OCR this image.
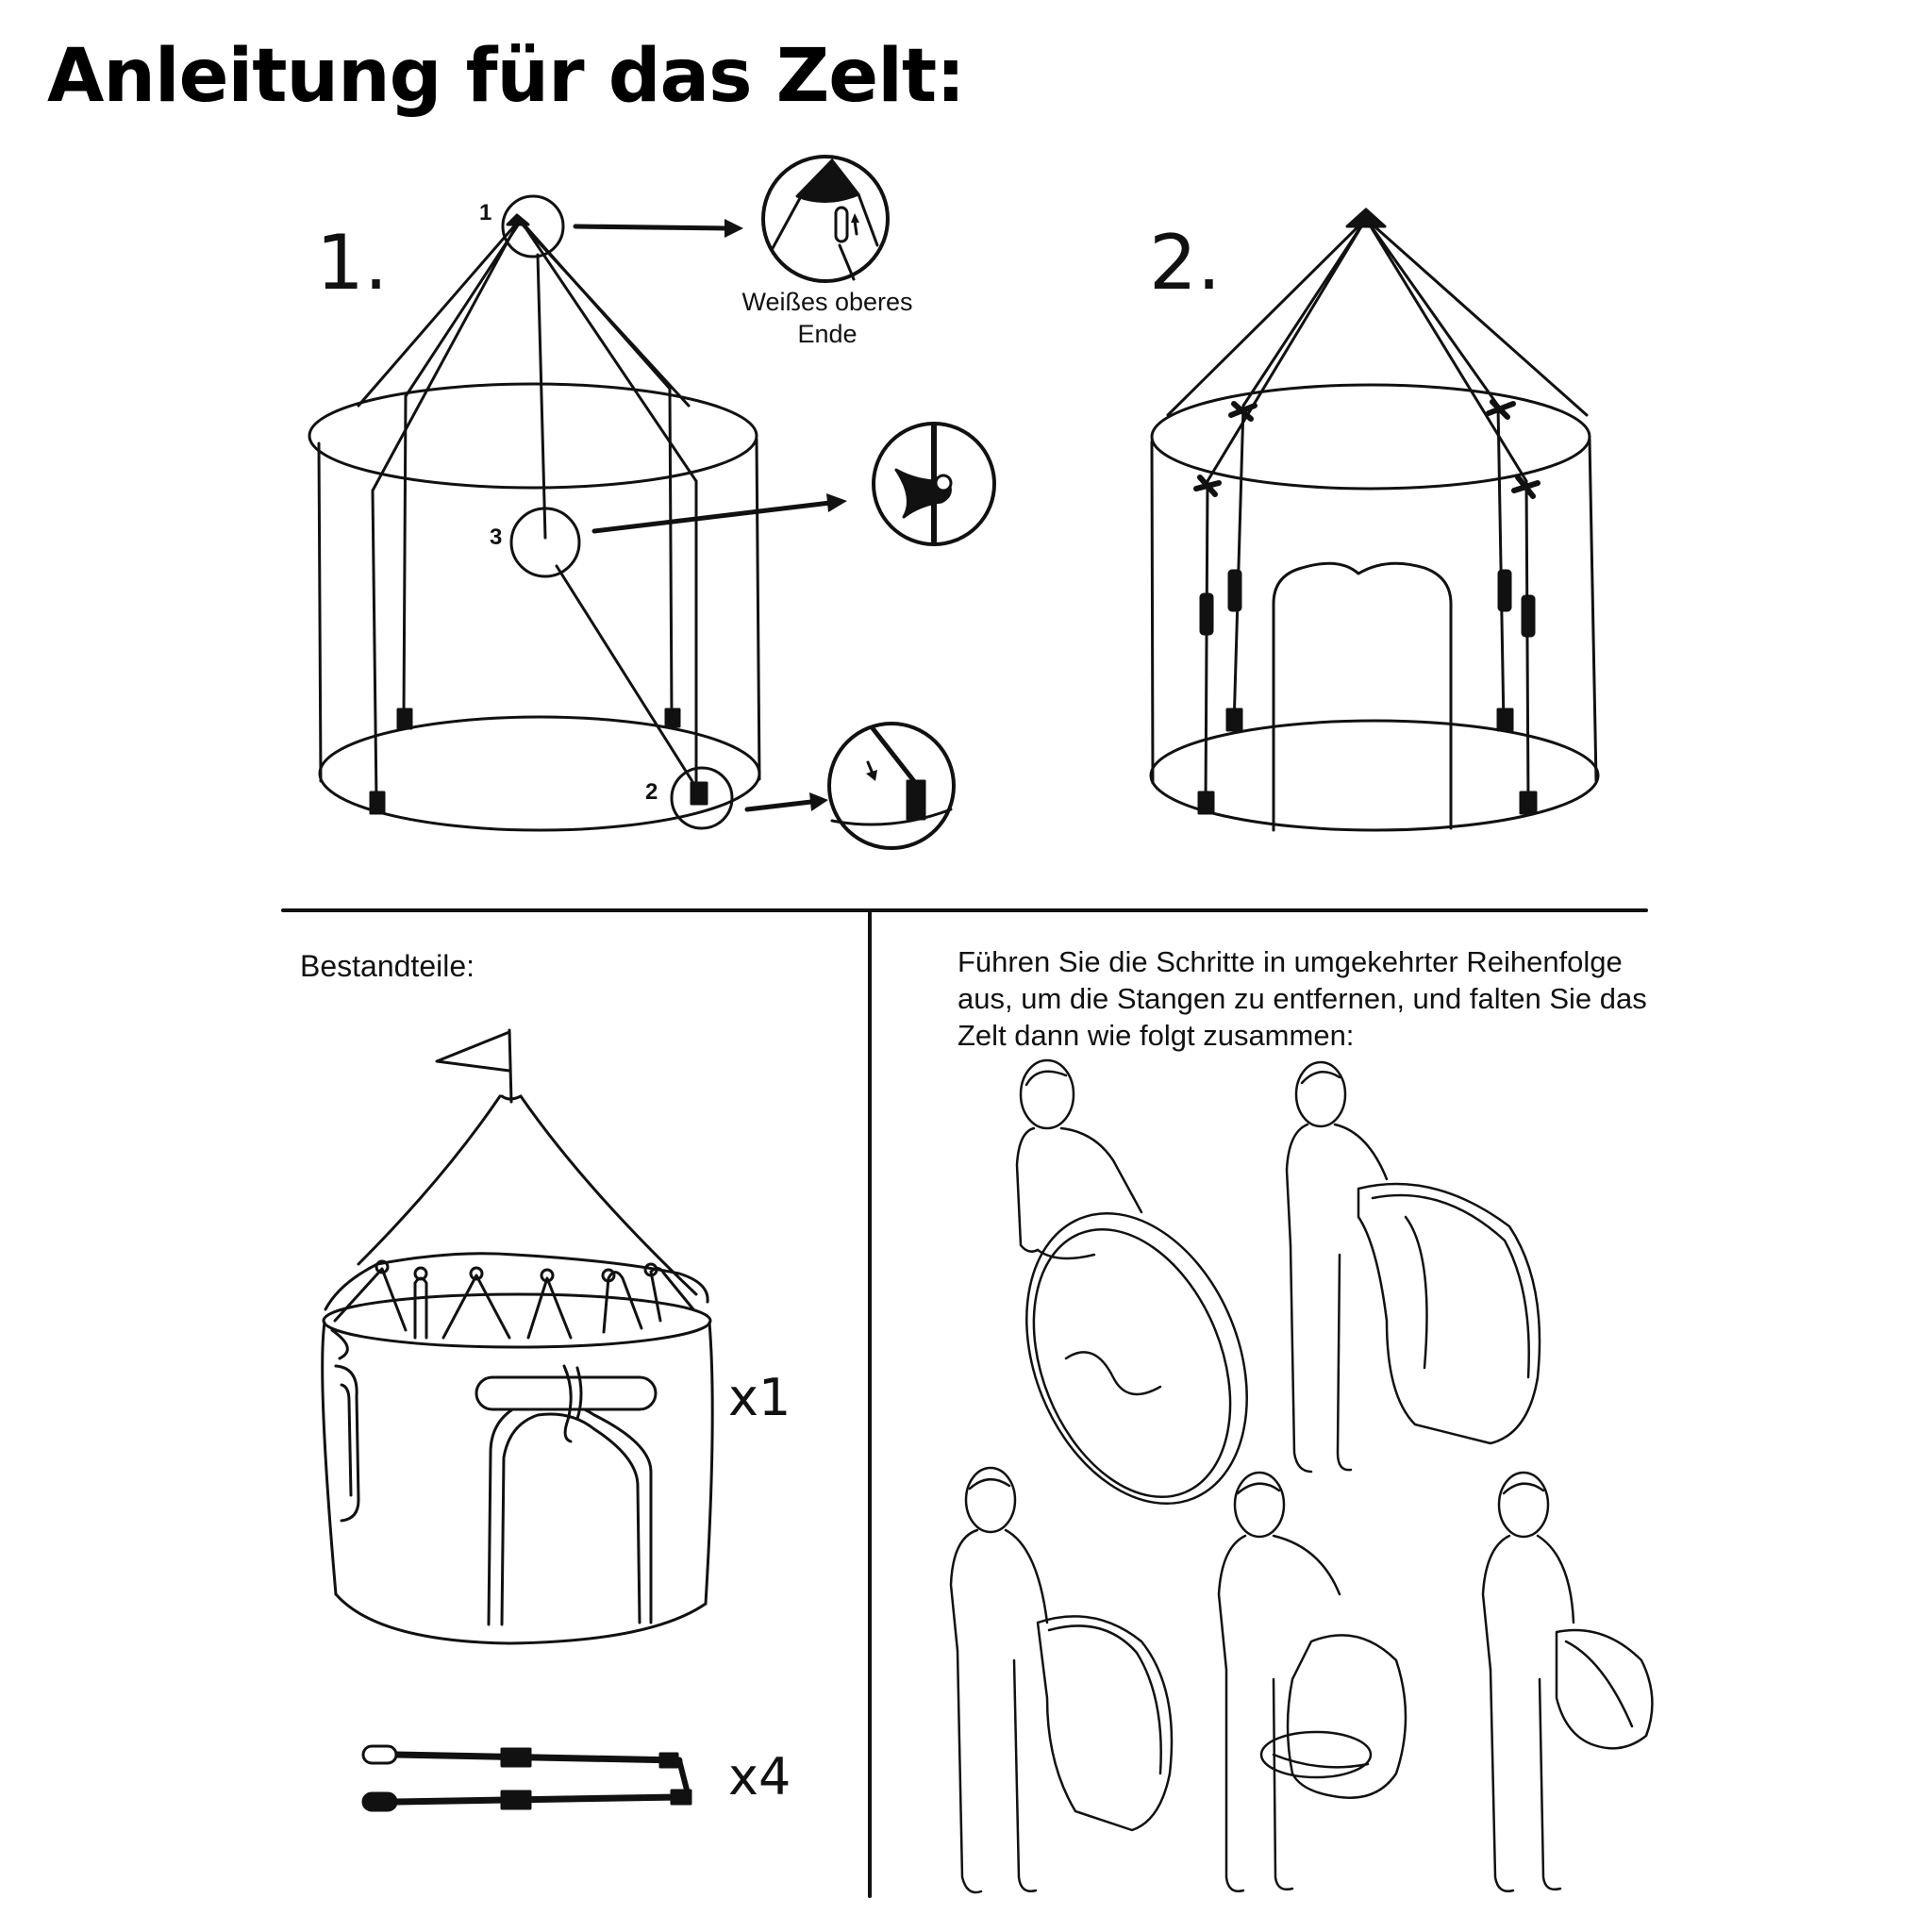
Anleitung für das Zelt:

1.	2.

1
3
2

Weißes oberes Ende

Bestandteile:	Führen Sie die Schritte in umgekehrter Reihenfolge aus, um die Stangen zu entfernen, und falten Sie das Zelt dann wie folgt zusammen:

x1
x4
